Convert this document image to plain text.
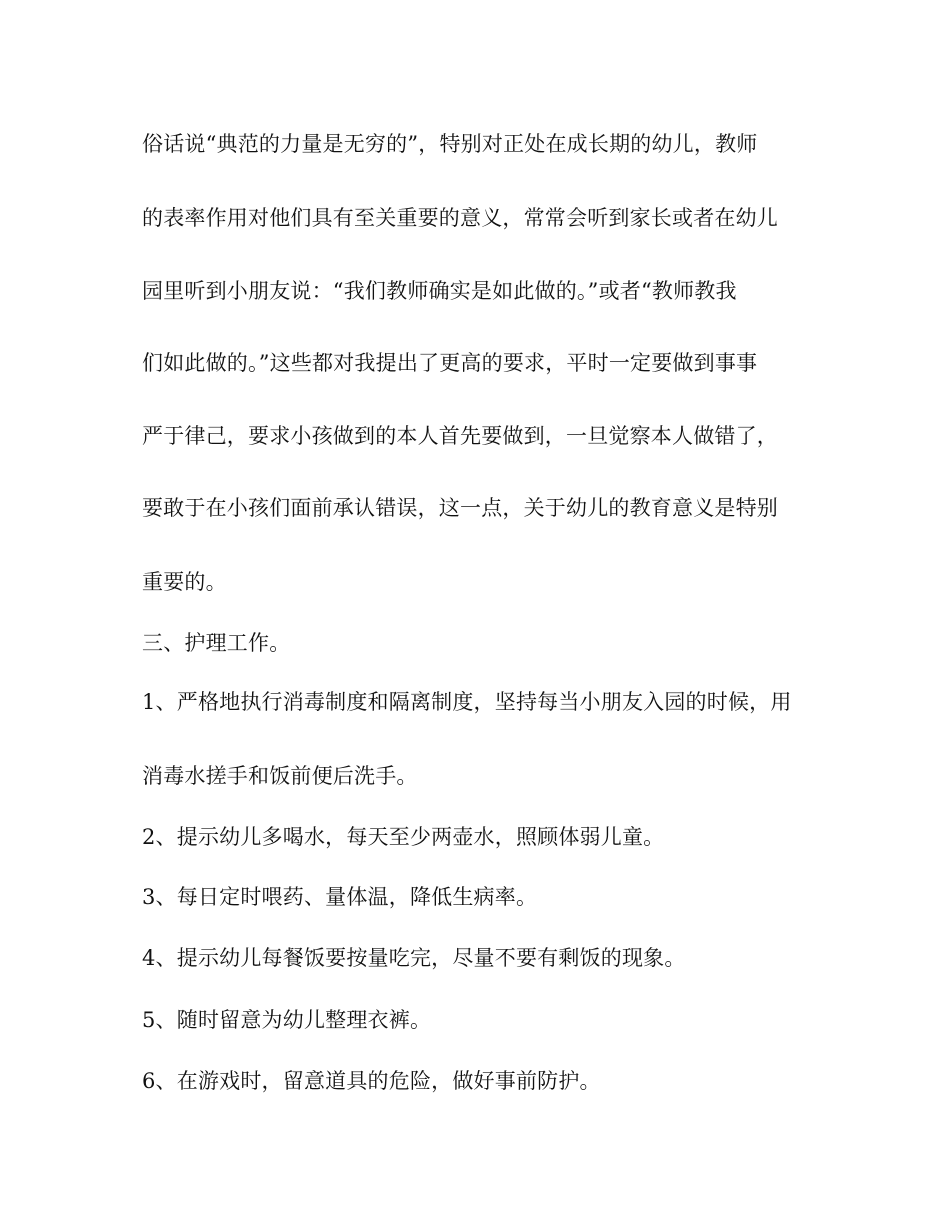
俗话说“典范的力量是无穷的”，特别对正处在成长期的幼儿，教师
的表率作用对他们具有至关重要的意义，常常会听到家长或者在幼儿
园里听到小朋友说：“我们教师确实是如此做的。”或者“教师教我
们如此做的。”这些都对我提出了更高的要求，平时一定要做到事事
严于律己，要求小孩做到的本人首先要做到，一旦觉察本人做错了，
要敢于在小孩们面前承认错误，这一点，关于幼儿的教育意义是特别
重要的。
三、护理工作。
1、严格地执行消毒制度和隔离制度，坚持每当小朋友入园的时候，用
消毒水搓手和饭前便后洗手。
2、提示幼儿多喝水，每天至少两壶水，照顾体弱儿童。
3、每日定时喂药、量体温，降低生病率。
4、提示幼儿每餐饭要按量吃完，尽量不要有剩饭的现象。
5、随时留意为幼儿整理衣裤。
6、在游戏时，留意道具的危险，做好事前防护。
